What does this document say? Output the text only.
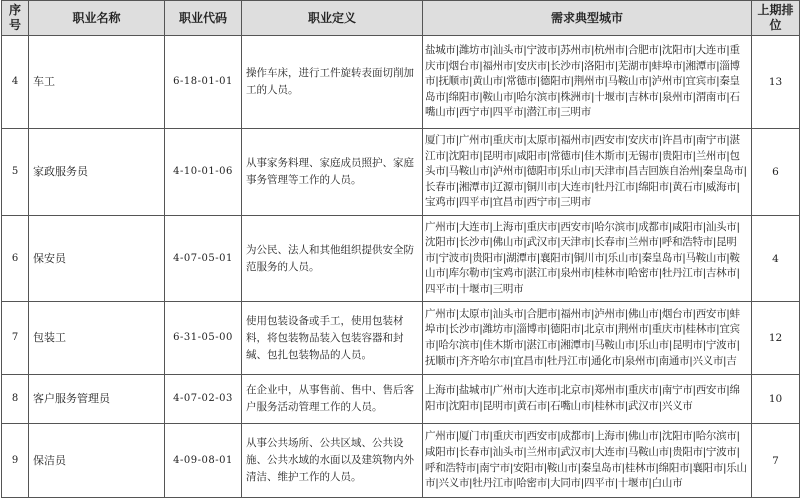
序号	职业名称	职业代码	职业定义	需求典型城市	上期排位
4	车工	6-18-01-01	操作车床，进行工件旋转表面切削加工的人员。	盐城市|潍坊市|汕头市|宁波市|苏州市|杭州市|合肥市|沈阳市|大连市|重庆市|烟台市|福州市|安庆市|长沙市|洛阳市|芜湖市|蚌埠市|湘潭市|淄博市|抚顺市|黄山市|常德市|德阳市|荆州市|马鞍山市|泸州市|宜宾市|秦皇岛市|绵阳市|鞍山市|哈尔滨市|株洲市|十堰市|吉林市|泉州市|渭南市|石嘴山市|西宁市|四平市|潜江市|三明市	13
5	家政服务员	4-10-01-06	从事家务料理、家庭成员照护、家庭事务管理等工作的人员。	厦门市|广州市|重庆市|太原市|福州市|西安市|安庆市|许昌市|南宁市|湛江市|沈阳市|昆明市|咸阳市|常德市|佳木斯市|无锡市|贵阳市|兰州市|包头市|马鞍山市|泸州市|德阳市|乐山市|天津市|昌吉回族自治州|秦皇岛市|长春市|湘潭市|辽源市|铜川市|大连市|牡丹江市|绵阳市|黄石市|威海市|宝鸡市|四平市|宜昌市|西宁市|三明市	6
6	保安员	4-07-05-01	为公民、法人和其他组织提供安全防范服务的人员。	广州市|大连市|上海市|重庆市|西安市|哈尔滨市|成都市|咸阳市|汕头市|沈阳市|长沙市|佛山市|武汉市|天津市|长春市|兰州市|呼和浩特市|昆明市|宁波市|贵阳市|湖潭市|襄阳市|铜川市|乐山市|秦皇岛市|马鞍山市|鞍山市|库尔勒市|宝鸡市|湛江市|泉州市|桂林市|哈密市|牡丹江市|吉林市|四平市|十堰市|三明市	4
7	包装工	6-31-05-00	使用包装设备或手工，使用包装材料，将包装物品装入包装容器和封缄、包扎包装物品的人员。	广州市|太原市|汕头市|合肥市|福州市|泸州市|佛山市|烟台市|西安市|蚌埠市|长沙市|潍坊市|淄博市|德阳市|北京市|荆州市|重庆市|桂林市|宜宾市|哈尔滨市|佳木斯市|湛江市|湘潭市|马鞍山市|乐山市|昆明市|宁波市|抚顺市|齐齐哈尔市|宜昌市|牡丹江市|通化市|泉州市|南通市|兴义市|吉	12
8	客户服务管理员	4-07-02-03	在企业中，从事售前、售中、售后客户服务活动管理工作的人员。	上海市|盐城市|广州市|大连市|北京市|郑州市|重庆市|南宁市|西安市|绵阳市|沈阳市|昆明市|黄石市|石嘴山市|桂林市|武汉市|兴义市	10
9	保洁员	4-09-08-01	从事公共场所、公共区域、公共设施、公共水域的水面以及建筑物内外清洁、维护工作的人员。	广州市|厦门市|重庆市|西安市|成都市|上海市|佛山市|沈阳市|哈尔滨市|咸阳市|长春市|汕头市|兰州市|武汉市|大连市|马鞍山市|贵阳市|宁波市|呼和浩特市|南宁市|安阳市|鞍山市|秦皇岛市|桂林市|绵阳市|襄阳市|乐山市|兴义市|牡丹江市|哈密市|大同市|四平市|十堰市|白山市	7
